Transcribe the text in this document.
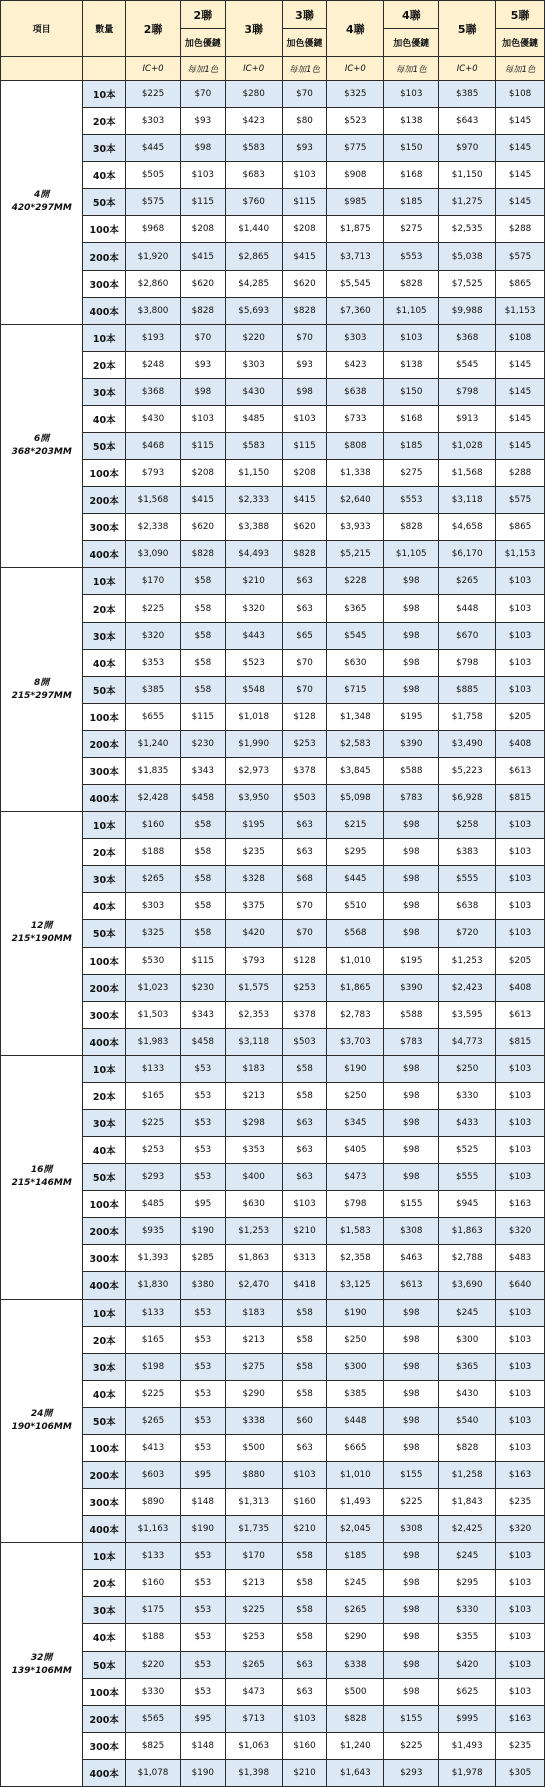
項目	數量	2聯	2聯	3聯	3聯	4聯	4聯	5聯	5聯
			加色優鏈		加色優鏈		加色優鏈		加色優鏈
		IC+0	每加1色	IC+0	每加1色	IC+0	每加1色	IC+0	每加1色

4開
420*297MM	10本	$225	$70	$280	$70	$325	$103	$385	$108
	20本	$303	$93	$423	$80	$523	$138	$643	$145
	30本	$445	$98	$583	$93	$775	$150	$970	$145
	40本	$505	$103	$683	$103	$908	$168	$1,150	$145
	50本	$575	$115	$760	$115	$985	$185	$1,275	$145
	100本	$968	$208	$1,440	$208	$1,875	$275	$2,535	$288
	200本	$1,920	$415	$2,865	$415	$3,713	$553	$5,038	$575
	300本	$2,860	$620	$4,285	$620	$5,545	$828	$7,525	$865
	400本	$3,800	$828	$5,693	$828	$7,360	$1,105	$9,988	$1,153

6開
368*203MM	10本	$193	$70	$220	$70	$303	$103	$368	$108
	20本	$248	$93	$303	$93	$423	$138	$545	$145
	30本	$368	$98	$430	$98	$638	$150	$798	$145
	40本	$430	$103	$485	$103	$733	$168	$913	$145
	50本	$468	$115	$583	$115	$808	$185	$1,028	$145
	100本	$793	$208	$1,150	$208	$1,338	$275	$1,568	$288
	200本	$1,568	$415	$2,333	$415	$2,640	$553	$3,118	$575
	300本	$2,338	$620	$3,388	$620	$3,933	$828	$4,658	$865
	400本	$3,090	$828	$4,493	$828	$5,215	$1,105	$6,170	$1,153

8開
215*297MM	10本	$170	$58	$210	$63	$228	$98	$265	$103
	20本	$225	$58	$320	$63	$365	$98	$448	$103
	30本	$320	$58	$443	$65	$545	$98	$670	$103
	40本	$353	$58	$523	$70	$630	$98	$798	$103
	50本	$385	$58	$548	$70	$715	$98	$885	$103
	100本	$655	$115	$1,018	$128	$1,348	$195	$1,758	$205
	200本	$1,240	$230	$1,990	$253	$2,583	$390	$3,490	$408
	300本	$1,835	$343	$2,973	$378	$3,845	$588	$5,223	$613
	400本	$2,428	$458	$3,950	$503	$5,098	$783	$6,928	$815

12開
215*190MM	10本	$160	$58	$195	$63	$215	$98	$258	$103
	20本	$188	$58	$235	$63	$295	$98	$383	$103
	30本	$265	$58	$328	$68	$445	$98	$555	$103
	40本	$303	$58	$375	$70	$510	$98	$638	$103
	50本	$325	$58	$420	$70	$568	$98	$720	$103
	100本	$530	$115	$793	$128	$1,010	$195	$1,253	$205
	200本	$1,023	$230	$1,575	$253	$1,865	$390	$2,423	$408
	300本	$1,503	$343	$2,353	$378	$2,783	$588	$3,595	$613
	400本	$1,983	$458	$3,118	$503	$3,703	$783	$4,773	$815

16開
215*146MM	10本	$133	$53	$183	$58	$190	$98	$250	$103
	20本	$165	$53	$213	$58	$250	$98	$330	$103
	30本	$225	$53	$298	$63	$345	$98	$433	$103
	40本	$253	$53	$353	$63	$405	$98	$525	$103
	50本	$293	$53	$400	$63	$473	$98	$555	$103
	100本	$485	$95	$630	$103	$798	$155	$945	$163
	200本	$935	$190	$1,253	$210	$1,583	$308	$1,863	$320
	300本	$1,393	$285	$1,863	$313	$2,358	$463	$2,788	$483
	400本	$1,830	$380	$2,470	$418	$3,125	$613	$3,690	$640

24開
190*106MM	10本	$133	$53	$183	$58	$190	$98	$245	$103
	20本	$165	$53	$213	$58	$250	$98	$300	$103
	30本	$198	$53	$275	$58	$300	$98	$365	$103
	40本	$225	$53	$290	$58	$385	$98	$430	$103
	50本	$265	$53	$338	$60	$448	$98	$540	$103
	100本	$413	$53	$500	$63	$665	$98	$828	$103
	200本	$603	$95	$880	$103	$1,010	$155	$1,258	$163
	300本	$890	$148	$1,313	$160	$1,493	$225	$1,843	$235
	400本	$1,163	$190	$1,735	$210	$2,045	$308	$2,425	$320

32開
139*106MM	10本	$133	$53	$170	$58	$185	$98	$245	$103
	20本	$160	$53	$213	$58	$245	$98	$295	$103
	30本	$175	$53	$225	$58	$265	$98	$330	$103
	40本	$188	$53	$253	$58	$290	$98	$355	$103
	50本	$220	$53	$265	$63	$338	$98	$420	$103
	100本	$330	$53	$473	$63	$500	$98	$625	$103
	200本	$565	$95	$713	$103	$828	$155	$995	$163
	300本	$825	$148	$1,063	$160	$1,240	$225	$1,493	$235
	400本	$1,078	$190	$1,398	$210	$1,643	$293	$1,978	$305
